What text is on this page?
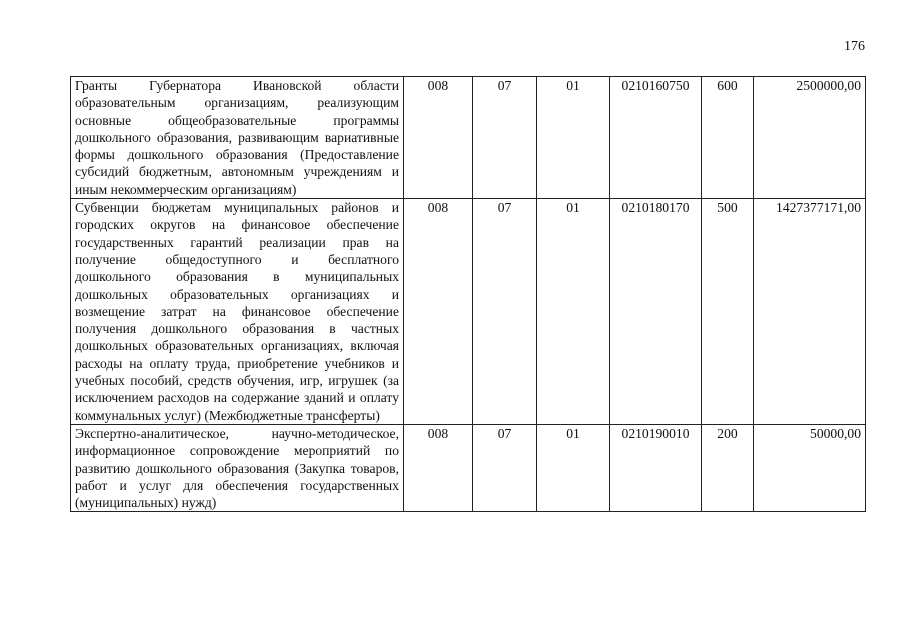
176
Гранты Губернатора Ивановской области образовательным организациям, реализующим основные общеобразовательные программы дошкольного образования, развивающим вариативные формы дошкольного образования (Предоставление субсидий бюджетным, автономным учреждениям и иным некоммерческим организациям)	008	07	01	0210160750	600	2500000,00
Субвенции бюджетам муниципальных районов и городских округов на финансовое обеспечение государственных гарантий реализации прав на получение общедоступного и бесплатного дошкольного образования в муниципальных дошкольных образовательных организациях и возмещение затрат на финансовое обеспечение получения дошкольного образования в частных дошкольных образовательных организациях, включая расходы на оплату труда, приобретение учебников и учебных пособий, средств обучения, игр, игрушек (за исключением расходов на содержание зданий и оплату коммунальных услуг) (Межбюджетные трансферты)	008	07	01	0210180170	500	1427377171,00
Экспертно-аналитическое, научно-методическое, информационное сопровождение мероприятий по развитию дошкольного образования (Закупка товаров, работ и услуг для обеспечения государственных (муниципальных) нужд)	008	07	01	0210190010	200	50000,00
